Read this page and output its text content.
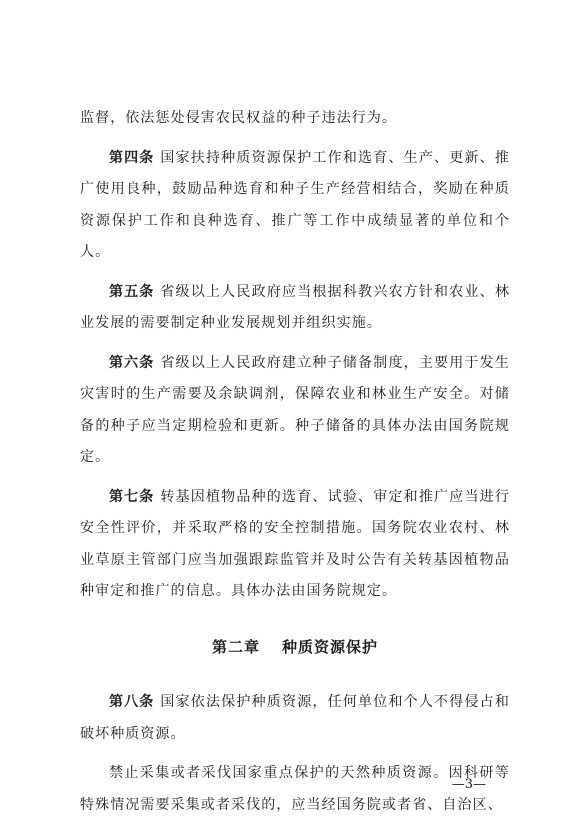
监督，依法惩处侵害农民权益的种子违法行为。

第四条 国家扶持种质资源保护工作和选育、生产、更新、推广使用良种，鼓励品种选育和种子生产经营相结合，奖励在种质资源保护工作和良种选育、推广等工作中成绩显著的单位和个人。

第五条 省级以上人民政府应当根据科教兴农方针和农业、林业发展的需要制定种业发展规划并组织实施。

第六条 省级以上人民政府建立种子储备制度，主要用于发生灾害时的生产需要及余缺调剂，保障农业和林业生产安全。对储备的种子应当定期检验和更新。种子储备的具体办法由国务院规定。

第七条 转基因植物品种的选育、试验、审定和推广应当进行安全性评价，并采取严格的安全控制措施。国务院农业农村、林业草原主管部门应当加强跟踪监管并及时公告有关转基因植物品种审定和推广的信息。具体办法由国务院规定。

第二章 种质资源保护

第八条 国家依法保护种质资源，任何单位和个人不得侵占和破坏种质资源。

禁止采集或者采伐国家重点保护的天然种质资源。因科研等特殊情况需要采集或者采伐的，应当经国务院或者省、自治区、

—3—
